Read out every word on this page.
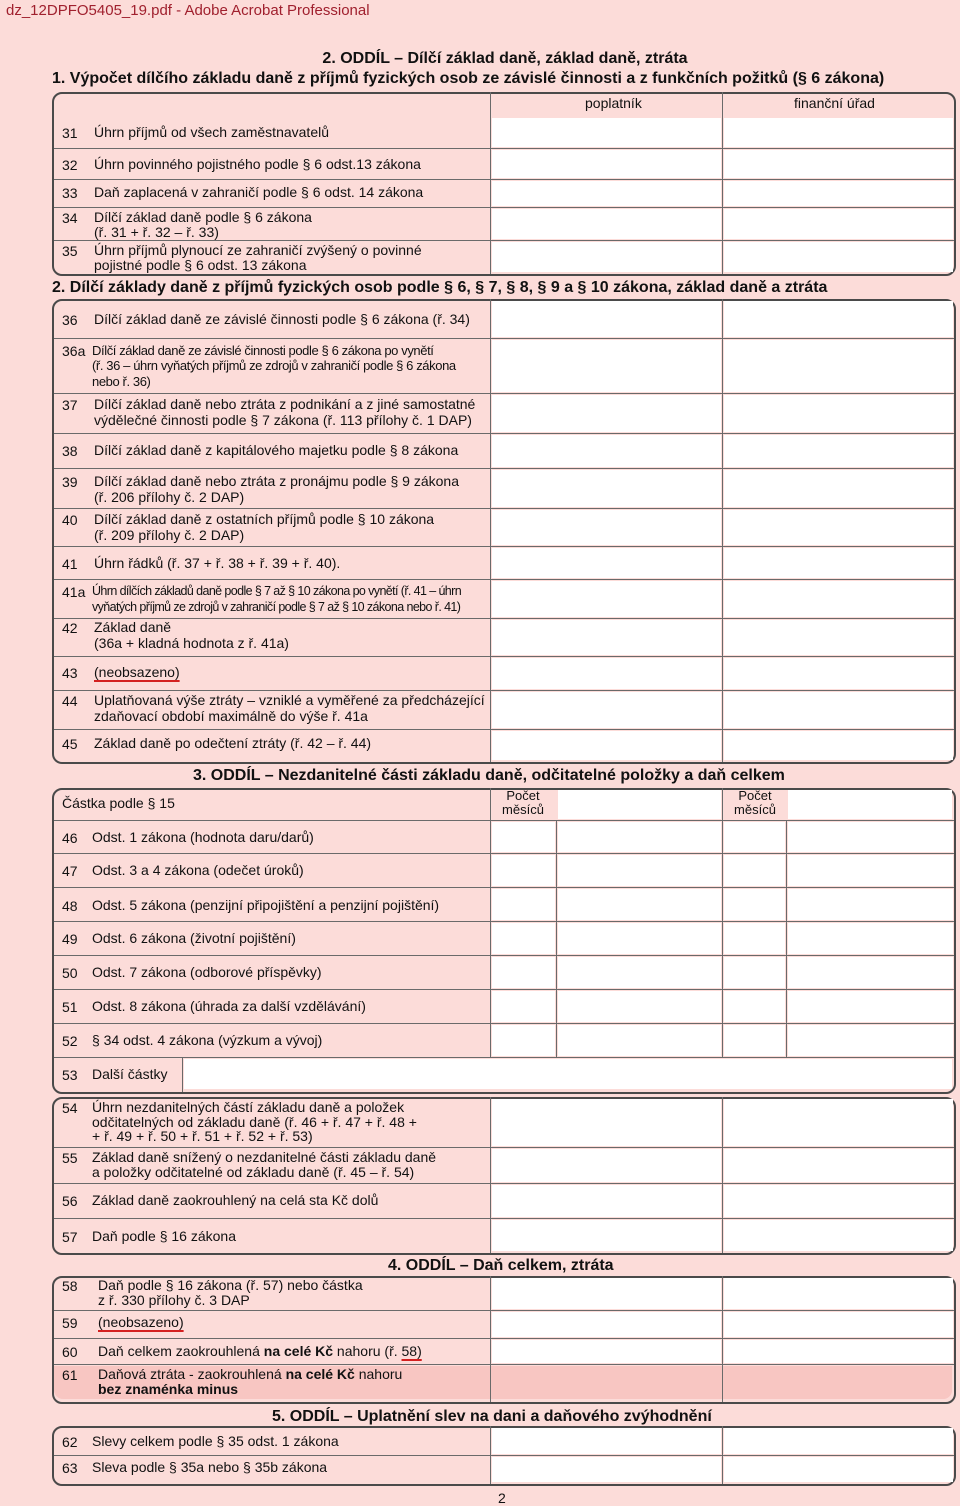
dz_12DPFO5405_19.pdf - Adobe Acrobat Professional
2. ODDÍL – Dílčí základ daně, základ daně, ztráta
1. Výpočet dílčího základu daně z příjmů fyzických osob ze závislé činnosti a z funkčních požitků (§ 6 zákona)
poplatník	finanční úřad
31 Úhrn příjmů od všech zaměstnavatelů
32 Úhrn povinného pojistného podle § 6 odst.13 zákona
33 Daň zaplacená v zahraničí podle § 6 odst. 14 zákona
34 Dílčí základ daně podle § 6 zákona
(ř. 31 + ř. 32 – ř. 33)
35 Úhrn příjmů plynoucí ze zahraničí zvýšený o povinné
pojistné podle § 6 odst. 13 zákona
2. Dílčí základy daně z příjmů fyzických osob podle § 6, § 7, § 8, § 9 a § 10 zákona, základ daně a ztráta
36 Dílčí základ daně ze závislé činnosti podle § 6 zákona (ř. 34)
36a Dílčí základ daně ze závislé činnosti podle § 6 zákona po vynětí
(ř. 36 – úhrn vyňatých příjmů ze zdrojů v zahraničí podle § 6 zákona
nebo ř. 36)
37 Dílčí základ daně nebo ztráta z podnikání a z jiné samostatné
výdělečné činnosti podle § 7 zákona (ř. 113 přílohy č. 1 DAP)
38 Dílčí základ daně z kapitálového majetku podle § 8 zákona
39 Dílčí základ daně nebo ztráta z pronájmu podle § 9 zákona
(ř. 206 přílohy č. 2 DAP)
40 Dílčí základ daně z ostatních příjmů podle § 10 zákona
(ř. 209 přílohy č. 2 DAP)
41 Úhrn řádků (ř. 37 + ř. 38 + ř. 39 + ř. 40).
41a Úhrn dílčích základů daně podle § 7 až § 10 zákona po vynětí (ř. 41 – úhrn
vyňatých příjmů ze zdrojů v zahraničí podle § 7 až § 10 zákona nebo ř. 41)
42 Základ daně
(36a + kladná hodnota z ř. 41a)
43 (neobsazeno)
44 Uplatňovaná výše ztráty – vzniklé a vyměřené za předcházející
zdaňovací období maximálně do výše ř. 41a
45 Základ daně po odečtení ztráty (ř. 42 – ř. 44)
3. ODDÍL – Nezdanitelné části základu daně, odčitatelné položky a daň celkem
Počet
měsíců
Počet
měsíců
Částka podle § 15
46 Odst. 1 zákona (hodnota daru/darů)
47 Odst. 3 a 4 zákona (odečet úroků)
48 Odst. 5 zákona (penzijní připojištění a penzijní pojištění)
49 Odst. 6 zákona (životní pojištění)
50 Odst. 7 zákona (odborové příspěvky)
51 Odst. 8 zákona (úhrada za další vzdělávání)
52 § 34 odst. 4 zákona (výzkum a vývoj)
53 Další částky
54 Úhrn nezdanitelných částí základu daně a položek
odčitatelných od základu daně (ř. 46 + ř. 47 + ř. 48 +
+ ř. 49 + ř. 50 + ř. 51 + ř. 52 + ř. 53)
55 Základ daně snížený o nezdanitelné části základu daně
a položky odčitatelné od základu daně (ř. 45 – ř. 54)
56 Základ daně zaokrouhlený na celá sta Kč dolů
57 Daň podle § 16 zákona
4. ODDÍL – Daň celkem, ztráta
58 Daň podle § 16 zákona (ř. 57) nebo částka
z ř. 330 přílohy č. 3 DAP
59 (neobsazeno)
60 Daň celkem zaokrouhlená na celé Kč nahoru (ř. 58)
61 Daňová ztráta - zaokrouhlená na celé Kč nahoru
bez znaménka minus
5. ODDÍL – Uplatnění slev na dani a daňového zvýhodnění
62 Slevy celkem podle § 35 odst. 1 zákona
63 Sleva podle § 35a nebo § 35b zákona
2
